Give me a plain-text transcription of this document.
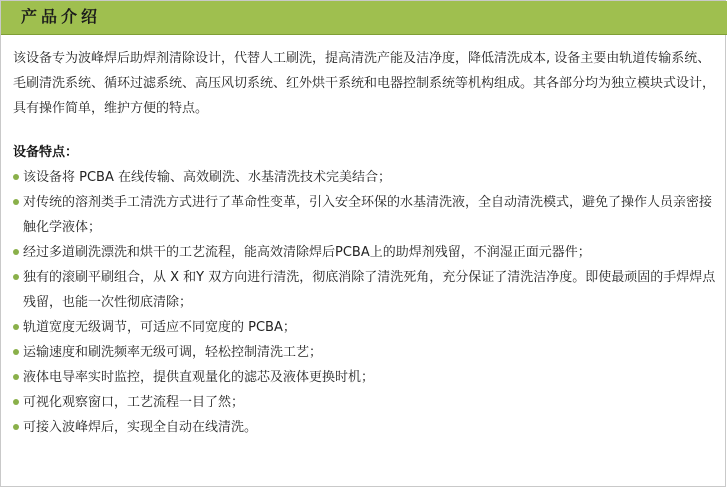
产品介绍
该设备专为波峰焊后助焊剂清除设计，代替人工刷洗，提高清洗产能及洁净度，降低清洗成本, 设备主要由轨道传输系统、毛刷清洗系统、循环过滤系统、高压风切系统、红外烘干系统和电器控制系统等机构组成。其各部分均为独立模块式设计，具有操作简单，维护方便的特点。
设备特点：
该设备将 PCBA 在线传输、高效刷洗、水基清洗技术完美结合；
对传统的溶剂类手工清洗方式进行了革命性变革，引入安全环保的水基清洗液，全自动清洗模式，避免了操作人员亲密接触化学液体；
经过多道刷洗漂洗和烘干的工艺流程，能高效清除焊后PCBA上的助焊剂残留，不润湿正面元器件；
独有的滚刷平刷组合，从 X 和Y 双方向进行清洗，彻底消除了清洗死角，充分保证了清洗洁净度。即使最顽固的手焊焊点残留，也能一次性彻底清除；
轨道宽度无级调节，可适应不同宽度的 PCBA；
运输速度和刷洗频率无级可调，轻松控制清洗工艺；
液体电导率实时监控，提供直观量化的滤芯及液体更换时机；
可视化观察窗口，工艺流程一目了然；
可接入波峰焊后，实现全自动在线清洗。
